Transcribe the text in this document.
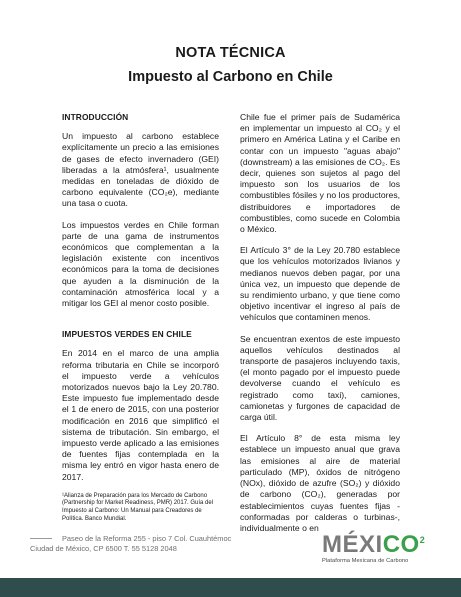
NOTA TÉCNICA
Impuesto al Carbono en Chile
INTRODUCCIÓN

Un impuesto al carbono establece explícitamente un precio a las emisiones de gases de efecto invernadero (GEI) liberadas a la atmósfera¹, usualmente medidas en toneladas de dióxido de carbono equivalente (CO₂e), mediante una tasa o cuota.

Los impuestos verdes en Chile forman parte de una gama de instrumentos económicos que complementan a la legislación existente con incentivos económicos para la toma de decisiones que ayuden a la disminución de la contaminación atmosférica local y a mitigar los GEI al menor costo posible.

IMPUESTOS VERDES EN CHILE

En 2014 en el marco de una amplia reforma tributaria en Chile se incorporó el impuesto verde a vehículos motorizados nuevos bajo la Ley 20.780. Este impuesto fue implementado desde el 1 de enero de 2015, con una posterior modificación en 2016 que simplificó el sistema de tributación. Sin embargo, el impuesto verde aplicado a las emisiones de fuentes fijas contemplada en la misma ley entró en vigor hasta enero de 2017.

¹Alianza de Preparación para los Mercado de Carbono (Partnership for Market Readiness, PMR) 2017. Guía del Impuesto al Carbono: Un Manual para Creadores de Política. Banco Mundial.

Chile fue el primer país de Sudamérica en implementar un impuesto al CO₂ y el primero en América Latina y el Caribe en contar con un impuesto "aguas abajo" (downstream) a las emisiones de CO₂. Es decir, quienes son sujetos al pago del impuesto son los usuarios de los combustibles fósiles y no los productores, distribuidores e importadores de combustibles, como sucede en Colombia o México.

El Artículo 3° de la Ley 20.780 establece que los vehículos motorizados livianos y medianos nuevos deben pagar, por una única vez, un impuesto que depende de su rendimiento urbano, y que tiene como objetivo incentivar el ingreso al país de vehículos que contaminen menos.

Se encuentran exentos de este impuesto aquellos vehículos destinados al transporte de pasajeros incluyendo taxis, (el monto pagado por el impuesto puede devolverse cuando el vehículo es registrado como taxi), camiones, camionetas y furgones de capacidad de carga útil.

El Artículo 8° de esta misma ley establece un impuesto anual que grava las emisiones al aire de material particulado (MP), óxidos de nitrógeno (NOx), dióxido de azufre (SO₂) y dióxido de carbono (CO₂), generadas por establecimientos cuyas fuentes fijas -conformadas por calderas o turbinas-, individualmente o en

Paseo de la Reforma 255 - piso 7 Col. Cuauhtémoc
Ciudad de México, CP 6500 T. 55 5128 2048	MÉXICO$^2$
Plataforma Mexicana de Carbono
